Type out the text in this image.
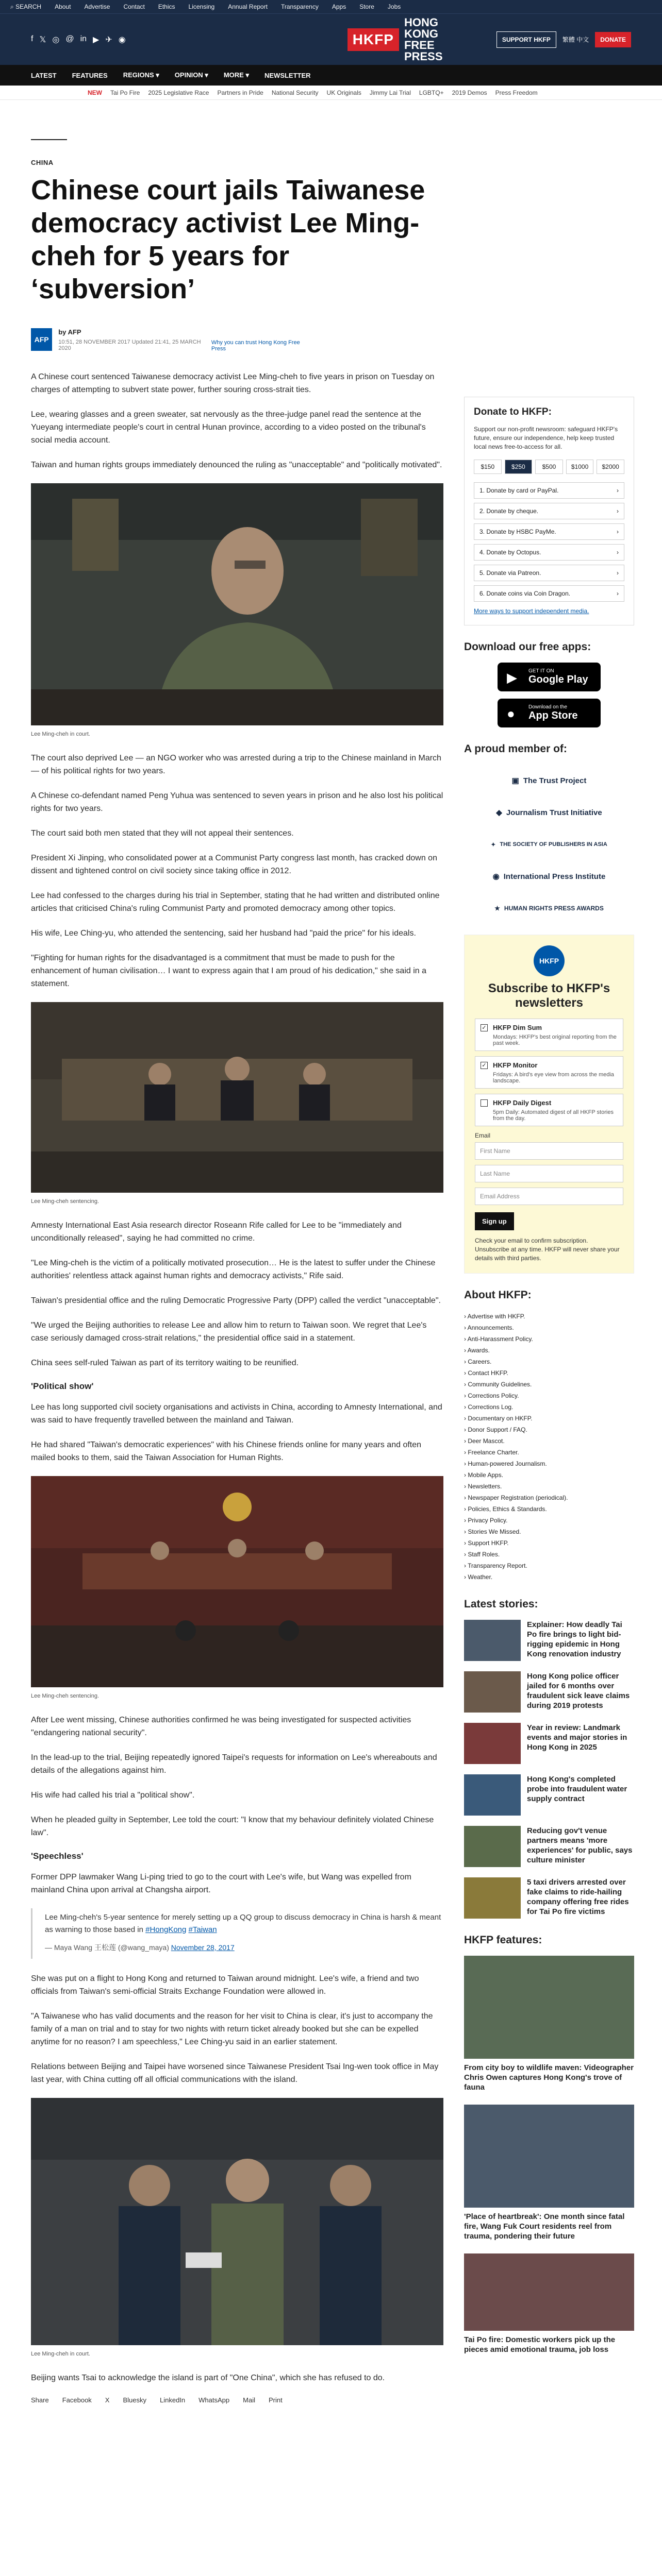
⌕ SEARCH About Advertise Contact Ethics Licensing Annual Report Transparency Apps Store Jobs
f 𝕏 ◎ @ in ▶ ✈ ◉	HKFP
HONG KONG FREE PRESS
SUPPORT HKFP	繁體 中文	DONATE
LATEST FEATURES REGIONS ▾ OPINION ▾ MORE ▾ NEWSLETTER
NEW Tai Po Fire 2025 Legislative Race Partners in Pride National Security UK Originals Jimmy Lai Trial LGBTQ+ 2019 Demos Press Freedom
CHINA
Chinese court jails Taiwanese democracy activist Lee Ming-cheh for 5 years for ‘subversion’
AFP
by AFP
10:51, 28 NOVEMBER 2017 Updated 21:41, 25 MARCH 2020
Why you can trust Hong Kong Free Press

A Chinese court sentenced Taiwanese democracy activist Lee Ming-cheh to five years in prison on Tuesday on charges of attempting to subvert state power, further souring cross-strait ties.

Lee, wearing glasses and a green sweater, sat nervously as the three-judge panel read the sentence at the Yueyang intermediate people's court in central Hunan province, according to a video posted on the tribunal's social media account.

Taiwan and human rights groups immediately denounced the ruling as "unacceptable" and "politically motivated".

Lee Ming-cheh in court.

The court also deprived Lee — an NGO worker who was arrested during a trip to the Chinese mainland in March — of his political rights for two years.

A Chinese co-defendant named Peng Yuhua was sentenced to seven years in prison and he also lost his political rights for two years.

The court said both men stated that they will not appeal their sentences.

President Xi Jinping, who consolidated power at a Communist Party congress last month, has cracked down on dissent and tightened control on civil society since taking office in 2012.

Lee had confessed to the charges during his trial in September, stating that he had written and distributed online articles that criticised China's ruling Communist Party and promoted democracy among other topics.

His wife, Lee Ching-yu, who attended the sentencing, said her husband had "paid the price" for his ideals.

"Fighting for human rights for the disadvantaged is a commitment that must be made to push for the enhancement of human civilisation… I want to express again that I am proud of his dedication," she said in a statement.

Lee Ming-cheh sentencing.

Amnesty International East Asia research director Roseann Rife called for Lee to be "immediately and unconditionally released", saying he had committed no crime.

"Lee Ming-cheh is the victim of a politically motivated prosecution… He is the latest to suffer under the Chinese authorities' relentless attack against human rights and democracy activists," Rife said.

Taiwan's presidential office and the ruling Democratic Progressive Party (DPP) called the verdict "unacceptable".

"We urged the Beijing authorities to release Lee and allow him to return to Taiwan soon. We regret that Lee's case seriously damaged cross-strait relations," the presidential office said in a statement.

China sees self-ruled Taiwan as part of its territory waiting to be reunified.

'Political show'

Lee has long supported civil society organisations and activists in China, according to Amnesty International, and was said to have frequently travelled between the mainland and Taiwan.

He had shared "Taiwan's democratic experiences" with his Chinese friends online for many years and often mailed books to them, said the Taiwan Association for Human Rights.

Lee Ming-cheh sentencing.

After Lee went missing, Chinese authorities confirmed he was being investigated for suspected activities "endangering national security".

In the lead-up to the trial, Beijing repeatedly ignored Taipei's requests for information on Lee's whereabouts and details of the allegations against him.

His wife had called his trial a "political show".

When he pleaded guilty in September, Lee told the court: "I know that my behaviour definitely violated Chinese law".

'Speechless'

Former DPP lawmaker Wang Li-ping tried to go to the court with Lee's wife, but Wang was expelled from mainland China upon arrival at Changsha airport.

Lee Ming-cheh's 5-year sentence for merely setting up a QQ group to discuss democracy in China is harsh & meant as warning to those based in #HongKong #Taiwan
— Maya Wang 王松莲 (@wang_maya) November 28, 2017

She was put on a flight to Hong Kong and returned to Taiwan around midnight. Lee's wife, a friend and two officials from Taiwan's semi-official Straits Exchange Foundation were allowed in.

"A Taiwanese who has valid documents and the reason for her visit to China is clear, it's just to accompany the family of a man on trial and to stay for two nights with return ticket already booked but she can be expelled anytime for no reason? I am speechless," Lee Ching-yu said in an earlier statement.

Relations between Beijing and Taipei have worsened since Taiwanese President Tsai Ing-wen took office in May last year, with China cutting off all official communications with the island.

Lee Ming-cheh in court.

Beijing wants Tsai to acknowledge the island is part of "One China", which she has refused to do.

Share Facebook X Bluesky LinkedIn WhatsApp Mail Print
Donate to HKFP:
Support our non-profit newsroom: safeguard HKFP's future, ensure our independence, help keep trusted local news free-to-access for all.
$150	$250	$500	$1000	$2000
1. Donate by card or PayPal.	›
2. Donate by cheque.	›
3. Donate by HSBC PayMe.	›
4. Donate by Octopus.	›
5. Donate via Patreon.	›
6. Donate coins via Coin Dragon.	›
More ways to support independent media.
Download our free apps:
▶ GET IT ON
Google Play
●	Download on the
App Store
A proud member of:
▣ The Trust Project
◆ Journalism Trust Initiative
✦ THE SOCIETY OF PUBLISHERS IN ASIA
◉ International Press Institute
★ HUMAN RIGHTS PRESS AWARDS
HKFP
Subscribe to HKFP's newsletters
✓ HKFP Dim Sum
Mondays: HKFP's best original reporting from the past week.
✓ HKFP Monitor
Fridays: A bird's eye view from across the media landscape.
HKFP Daily Digest
5pm Daily: Automated digest of all HKFP stories from the day.
Email
First Name
Last Name
Email Address
Sign up
Check your email to confirm subscription. Unsubscribe at any time. HKFP will never share your details with third parties.
About HKFP:
› Advertise with HKFP.
› Announcements.
› Anti-Harassment Policy.
› Awards.
› Careers.
› Contact HKFP.
› Community Guidelines.
› Corrections Policy.
› Corrections Log.
› Documentary on HKFP.
› Donor Support / FAQ.
› Deer Mascot.
› Freelance Charter.
› Human-powered Journalism.
› Mobile Apps.
› Newsletters.
› Newspaper Registration (periodical).
› Policies, Ethics & Standards.
› Privacy Policy.
› Stories We Missed.
› Support HKFP.
› Staff Roles.
› Transparency Report.
› Weather.
Latest stories:
Explainer: How deadly Tai Po fire brings to light bid-rigging epidemic in Hong Kong renovation industry
Hong Kong police officer jailed for 6 months over fraudulent sick leave claims during 2019 protests
Year in review: Landmark events and major stories in Hong Kong in 2025
Hong Kong's completed probe into fraudulent water supply contract
Reducing gov't venue partners means 'more experiences' for public, says culture minister
5 taxi drivers arrested over fake claims to ride-hailing company offering free rides for Tai Po fire victims
HKFP features:
From city boy to wildlife maven: Videographer Chris Owen captures Hong Kong's trove of fauna
'Place of heartbreak': One month since fatal fire, Wang Fuk Court residents reel from trauma, pondering their future
Tai Po fire: Domestic workers pick up the pieces amid emotional trauma, job loss
